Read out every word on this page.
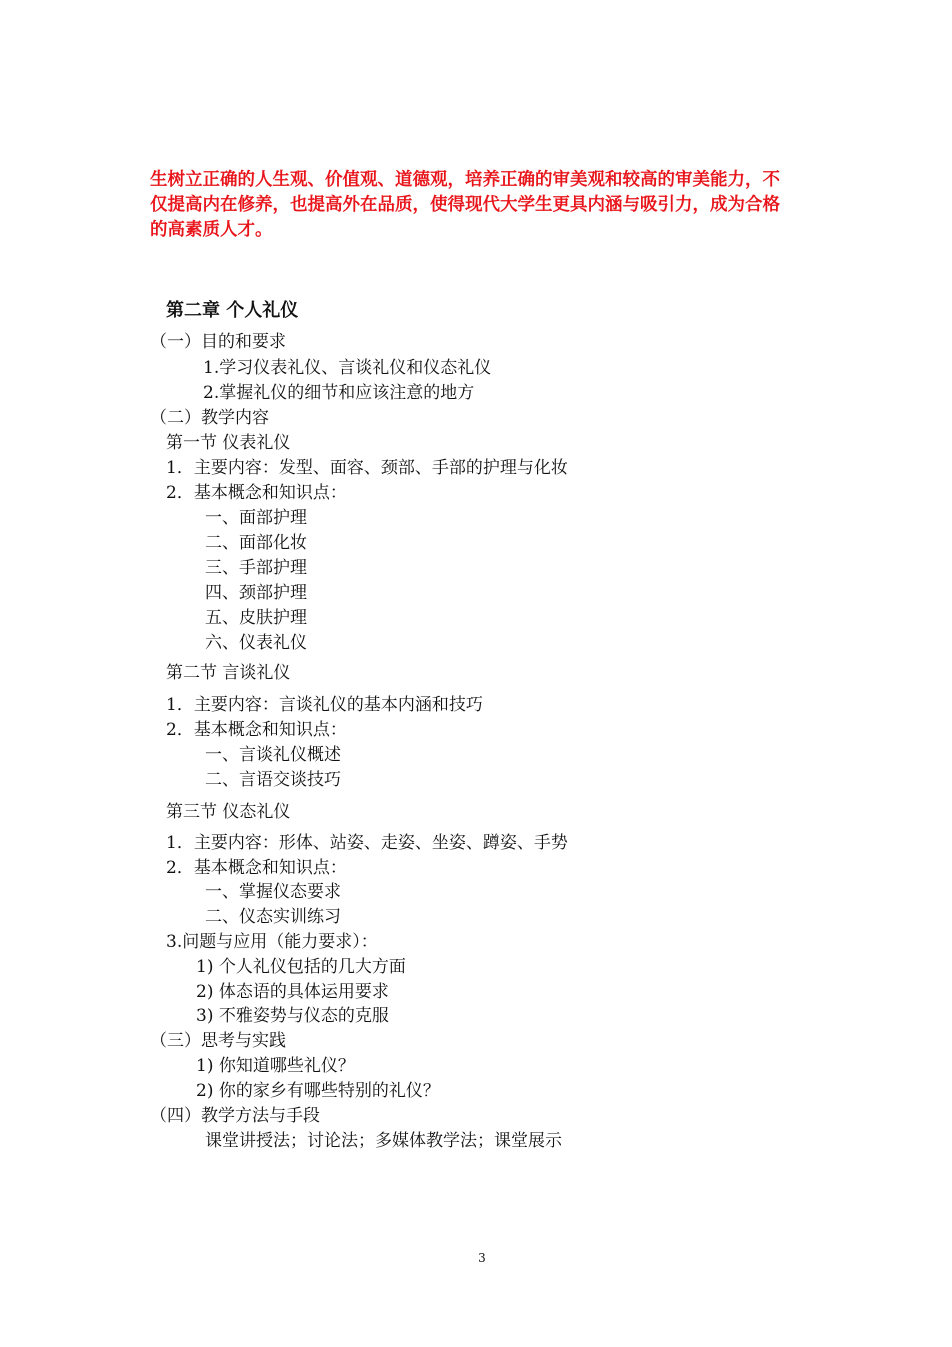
生树立正确的人生观、价值观、道德观，培养正确的审美观和较高的审美能力，不
仅提高内在修养，也提高外在品质，使得现代大学生更具内涵与吸引力，成为合格
的高素质人才。
第二章 个人礼仪
（一）目的和要求
1.学习仪表礼仪、言谈礼仪和仪态礼仪
2.掌握礼仪的细节和应该注意的地方
（二）教学内容
第一节 仪表礼仪
1．主要内容：发型、面容、颈部、手部的护理与化妆
2．基本概念和知识点：
一、面部护理
二、面部化妆
三、手部护理
四、颈部护理
五、皮肤护理
六、仪表礼仪
第二节 言谈礼仪
1．主要内容：言谈礼仪的基本内涵和技巧
2．基本概念和知识点：
一、言谈礼仪概述
二、言语交谈技巧
第三节 仪态礼仪
1．主要内容：形体、站姿、走姿、坐姿、蹲姿、手势
2．基本概念和知识点：
一、掌握仪态要求
二、仪态实训练习
3.问题与应用（能力要求）：
1) 个人礼仪包括的几大方面
2) 体态语的具体运用要求
3) 不雅姿势与仪态的克服
（三）思考与实践
1) 你知道哪些礼仪？
2) 你的家乡有哪些特别的礼仪？
（四）教学方法与手段
课堂讲授法；讨论法；多媒体教学法；课堂展示
3
